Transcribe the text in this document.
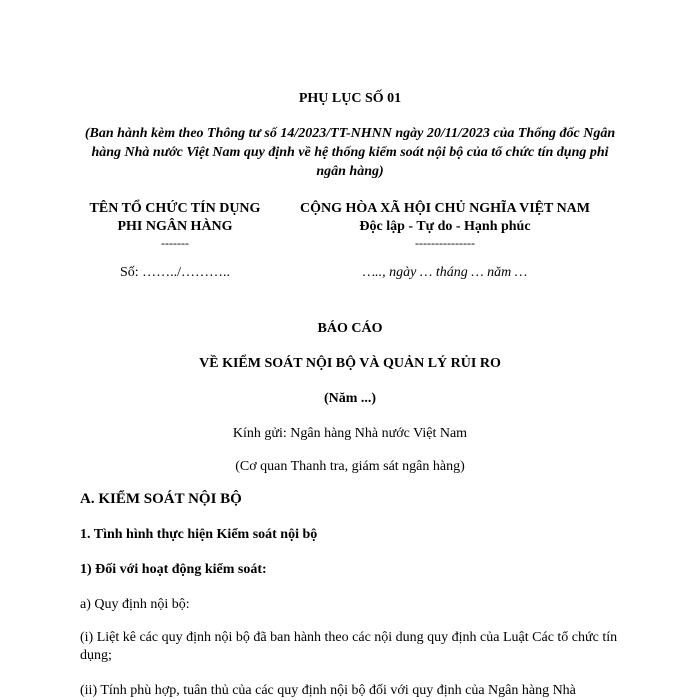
PHỤ LỤC SỐ 01
(Ban hành kèm theo Thông tư số 14/2023/TT-NHNN ngày 20/11/2023 của Thống đốc Ngân hàng Nhà nước Việt Nam quy định về hệ thống kiểm soát nội bộ của tổ chức tín dụng phi ngân hàng)
TÊN TỔ CHỨC TÍN DỤNG
PHI NGÂN HÀNG
-------
Số: ……../………..
CỘNG HÒA XÃ HỘI CHỦ NGHĨA VIỆT NAM
Độc lập - Tự do - Hạnh phúc
---------------
….., ngày … tháng … năm …
BÁO CÁO
VỀ KIỂM SOÁT NỘI BỘ VÀ QUẢN LÝ RỦI RO
(Năm ...)
Kính gửi: Ngân hàng Nhà nước Việt Nam
(Cơ quan Thanh tra, giám sát ngân hàng)
A. KIỂM SOÁT NỘI BỘ
1. Tình hình thực hiện Kiểm soát nội bộ
1) Đối với hoạt động kiểm soát:
a) Quy định nội bộ:
(i) Liệt kê các quy định nội bộ đã ban hành theo các nội dung quy định của Luật Các tổ chức tín dụng;
(ii) Tính phù hợp, tuân thủ của các quy định nội bộ đối với quy định của Ngân hàng Nhà
